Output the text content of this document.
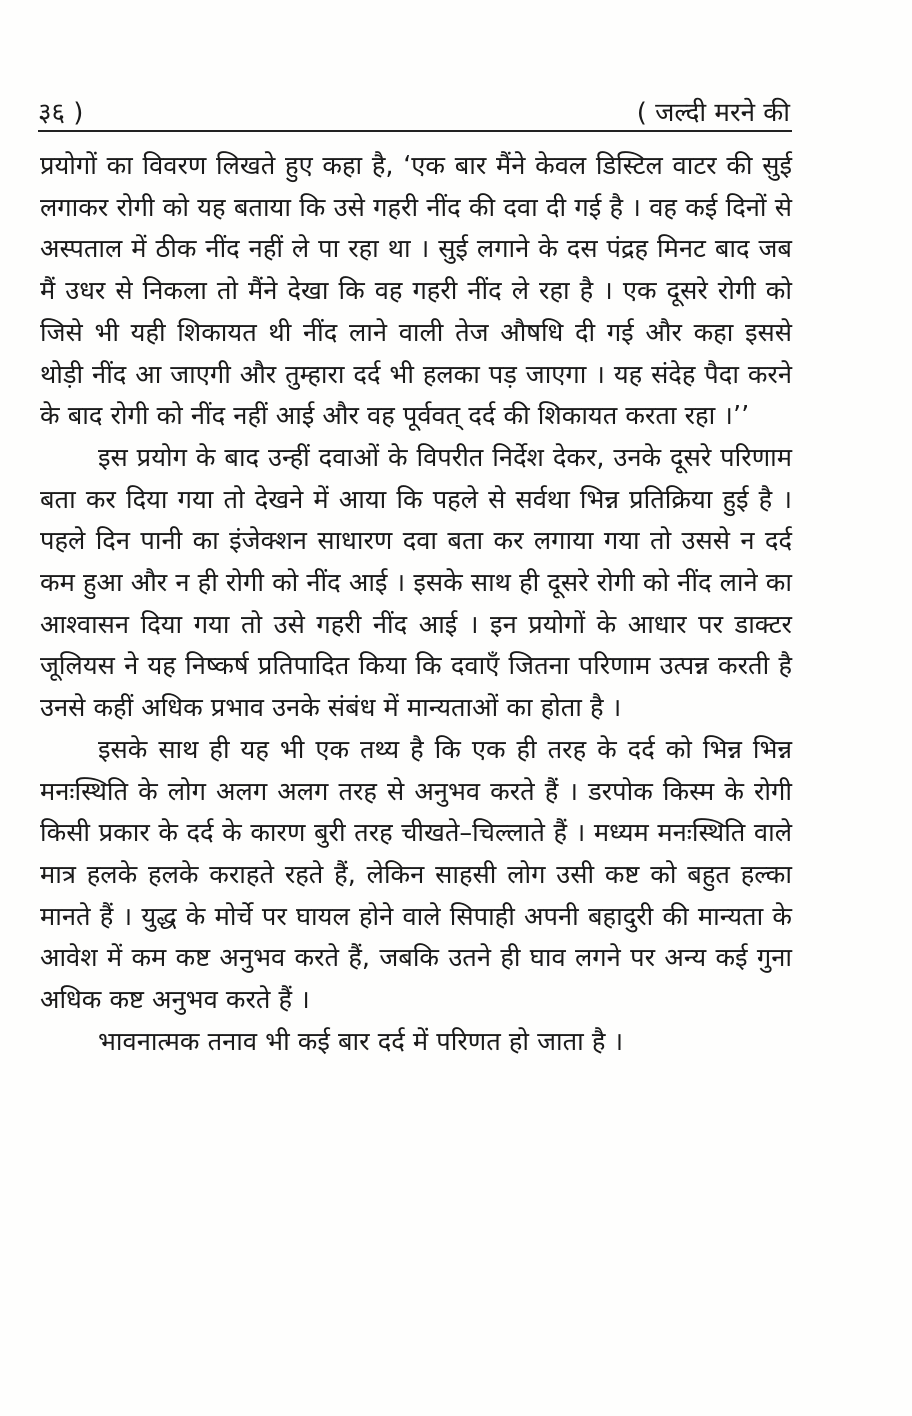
३६ )	( जल्दी मरने की

प्रयोगों का विवरण लिखते हुए कहा है, ‘एक बार मैंने केवल डिस्टिल वाटर की सुई लगाकर रोगी को यह बताया कि उसे गहरी नींद की दवा दी गई है । वह कई दिनों से अस्पताल में ठीक नींद नहीं ले पा रहा था । सुई लगाने के दस पंद्रह मिनट बाद जब मैं उधर से निकला तो मैंने देखा कि वह गहरी नींद ले रहा है । एक दूसरे रोगी को जिसे भी यही शिकायत थी नींद लाने वाली तेज औषधि दी गई और कहा इससे थोड़ी नींद आ जाएगी और तुम्हारा दर्द भी हलका पड़ जाएगा । यह संदेह पैदा करने के बाद रोगी को नींद नहीं आई और वह पूर्ववत् दर्द की शिकायत करता रहा ।’’

इस प्रयोग के बाद उन्हीं दवाओं के विपरीत निर्देश देकर, उनके दूसरे परिणाम बता कर दिया गया तो देखने में आया कि पहले से सर्वथा भिन्न प्रतिक्रिया हुई है । पहले दिन पानी का इंजेक्शन साधारण दवा बता कर लगाया गया तो उससे न दर्द कम हुआ और न ही रोगी को नींद आई । इसके साथ ही दूसरे रोगी को नींद लाने का आश्वासन दिया गया तो उसे गहरी नींद आई । इन प्रयोगों के आधार पर डाक्टर जूलियस ने यह निष्कर्ष प्रतिपादित किया कि दवाएँ जितना परिणाम उत्पन्न करती है उनसे कहीं अधिक प्रभाव उनके संबंध में मान्यताओं का होता है ।

इसके साथ ही यह भी एक तथ्य है कि एक ही तरह के दर्द को भिन्न भिन्न मनःस्थिति के लोग अलग अलग तरह से अनुभव करते हैं । डरपोक किस्म के रोगी किसी प्रकार के दर्द के कारण बुरी तरह चीखते–चिल्लाते हैं । मध्यम मनःस्थिति वाले मात्र हलके हलके कराहते रहते हैं, लेकिन साहसी लोग उसी कष्ट को बहुत हल्का मानते हैं । युद्ध के मोर्चे पर घायल होने वाले सिपाही अपनी बहादुरी की मान्यता के आवेश में कम कष्ट अनुभव करते हैं, जबकि उतने ही घाव लगने पर अन्य कई गुना अधिक कष्ट अनुभव करते हैं ।

भावनात्मक तनाव भी कई बार दर्द में परिणत हो जाता है ।
